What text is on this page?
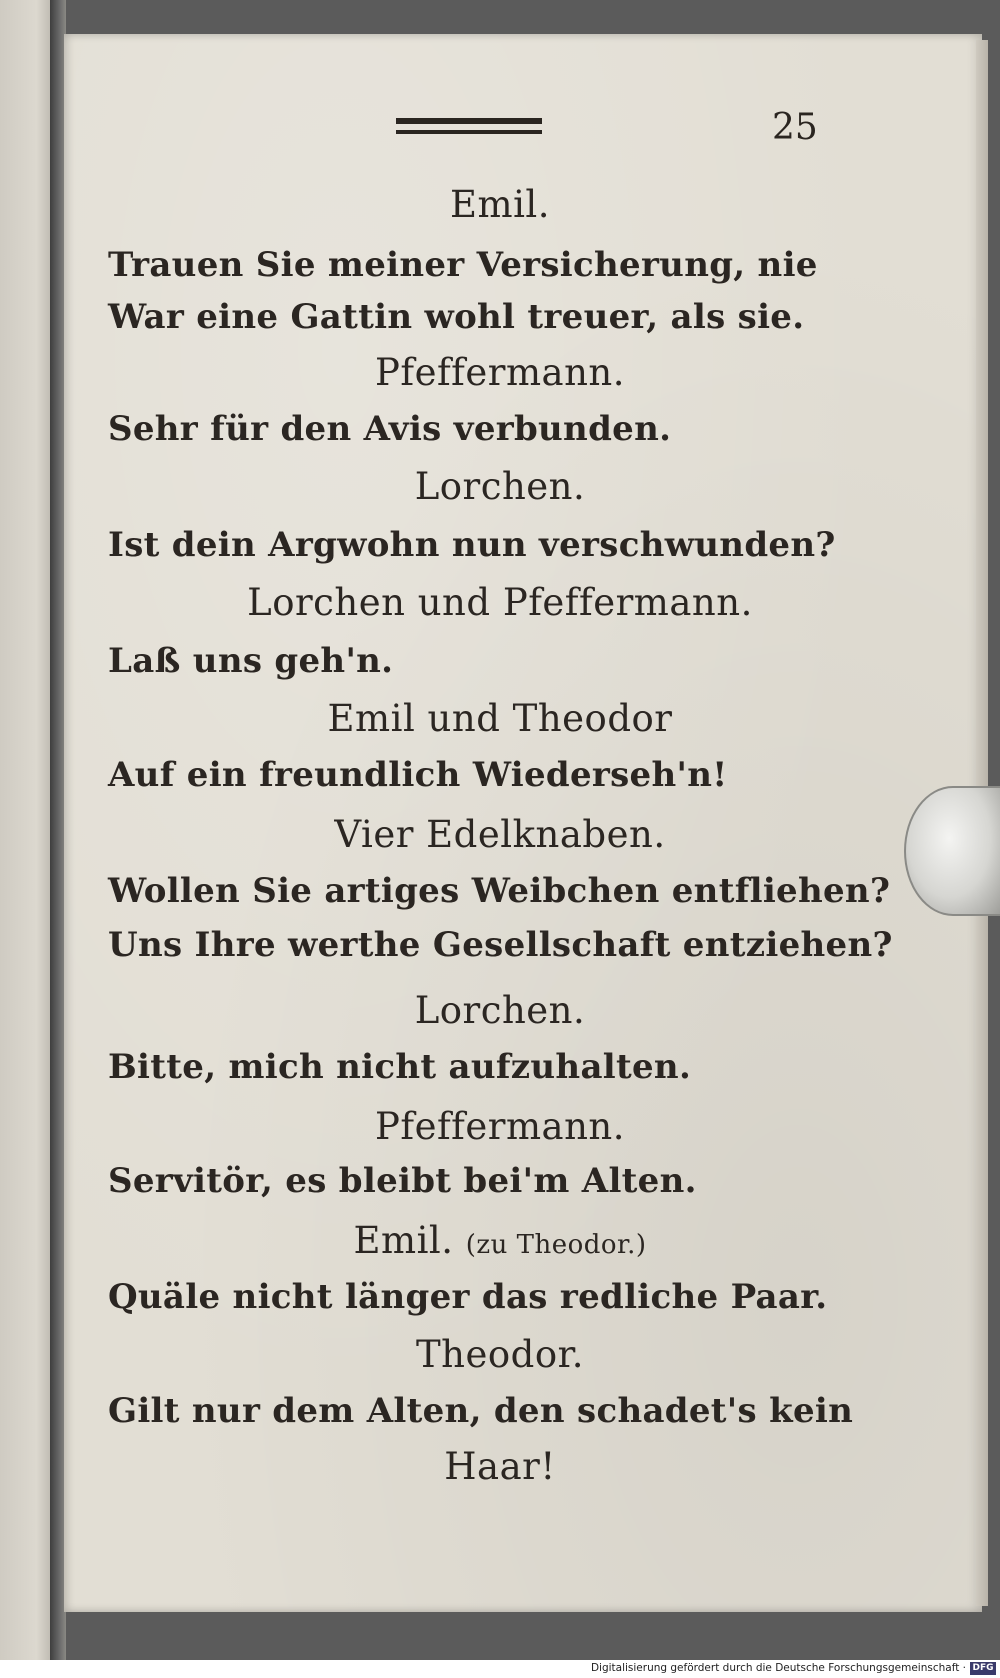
25
Emil.
Trauen Sie meiner Versicherung, nie
War eine Gattin wohl treuer, als sie.
Pfeffermann.
Sehr für den Avis verbunden.
Lorchen.
Ist dein Argwohn nun verschwunden?
Lorchen und Pfeffermann.
Laß uns geh'n.
Emil und Theodor
Auf ein freundlich Wiederseh'n!
Vier Edelknaben.
Wollen Sie artiges Weibchen entfliehen?
Uns Ihre werthe Gesellschaft entziehen?
Lorchen.
Bitte, mich nicht aufzuhalten.
Pfeffermann.
Servitör, es bleibt bei'm Alten.
Emil. (zu Theodor.)
Quäle nicht länger das redliche Paar.
Theodor.
Gilt nur dem Alten, den schadet's kein
Haar!
Digitalisierung gefördert durch die Deutsche Forschungsgemeinschaft · DFG
